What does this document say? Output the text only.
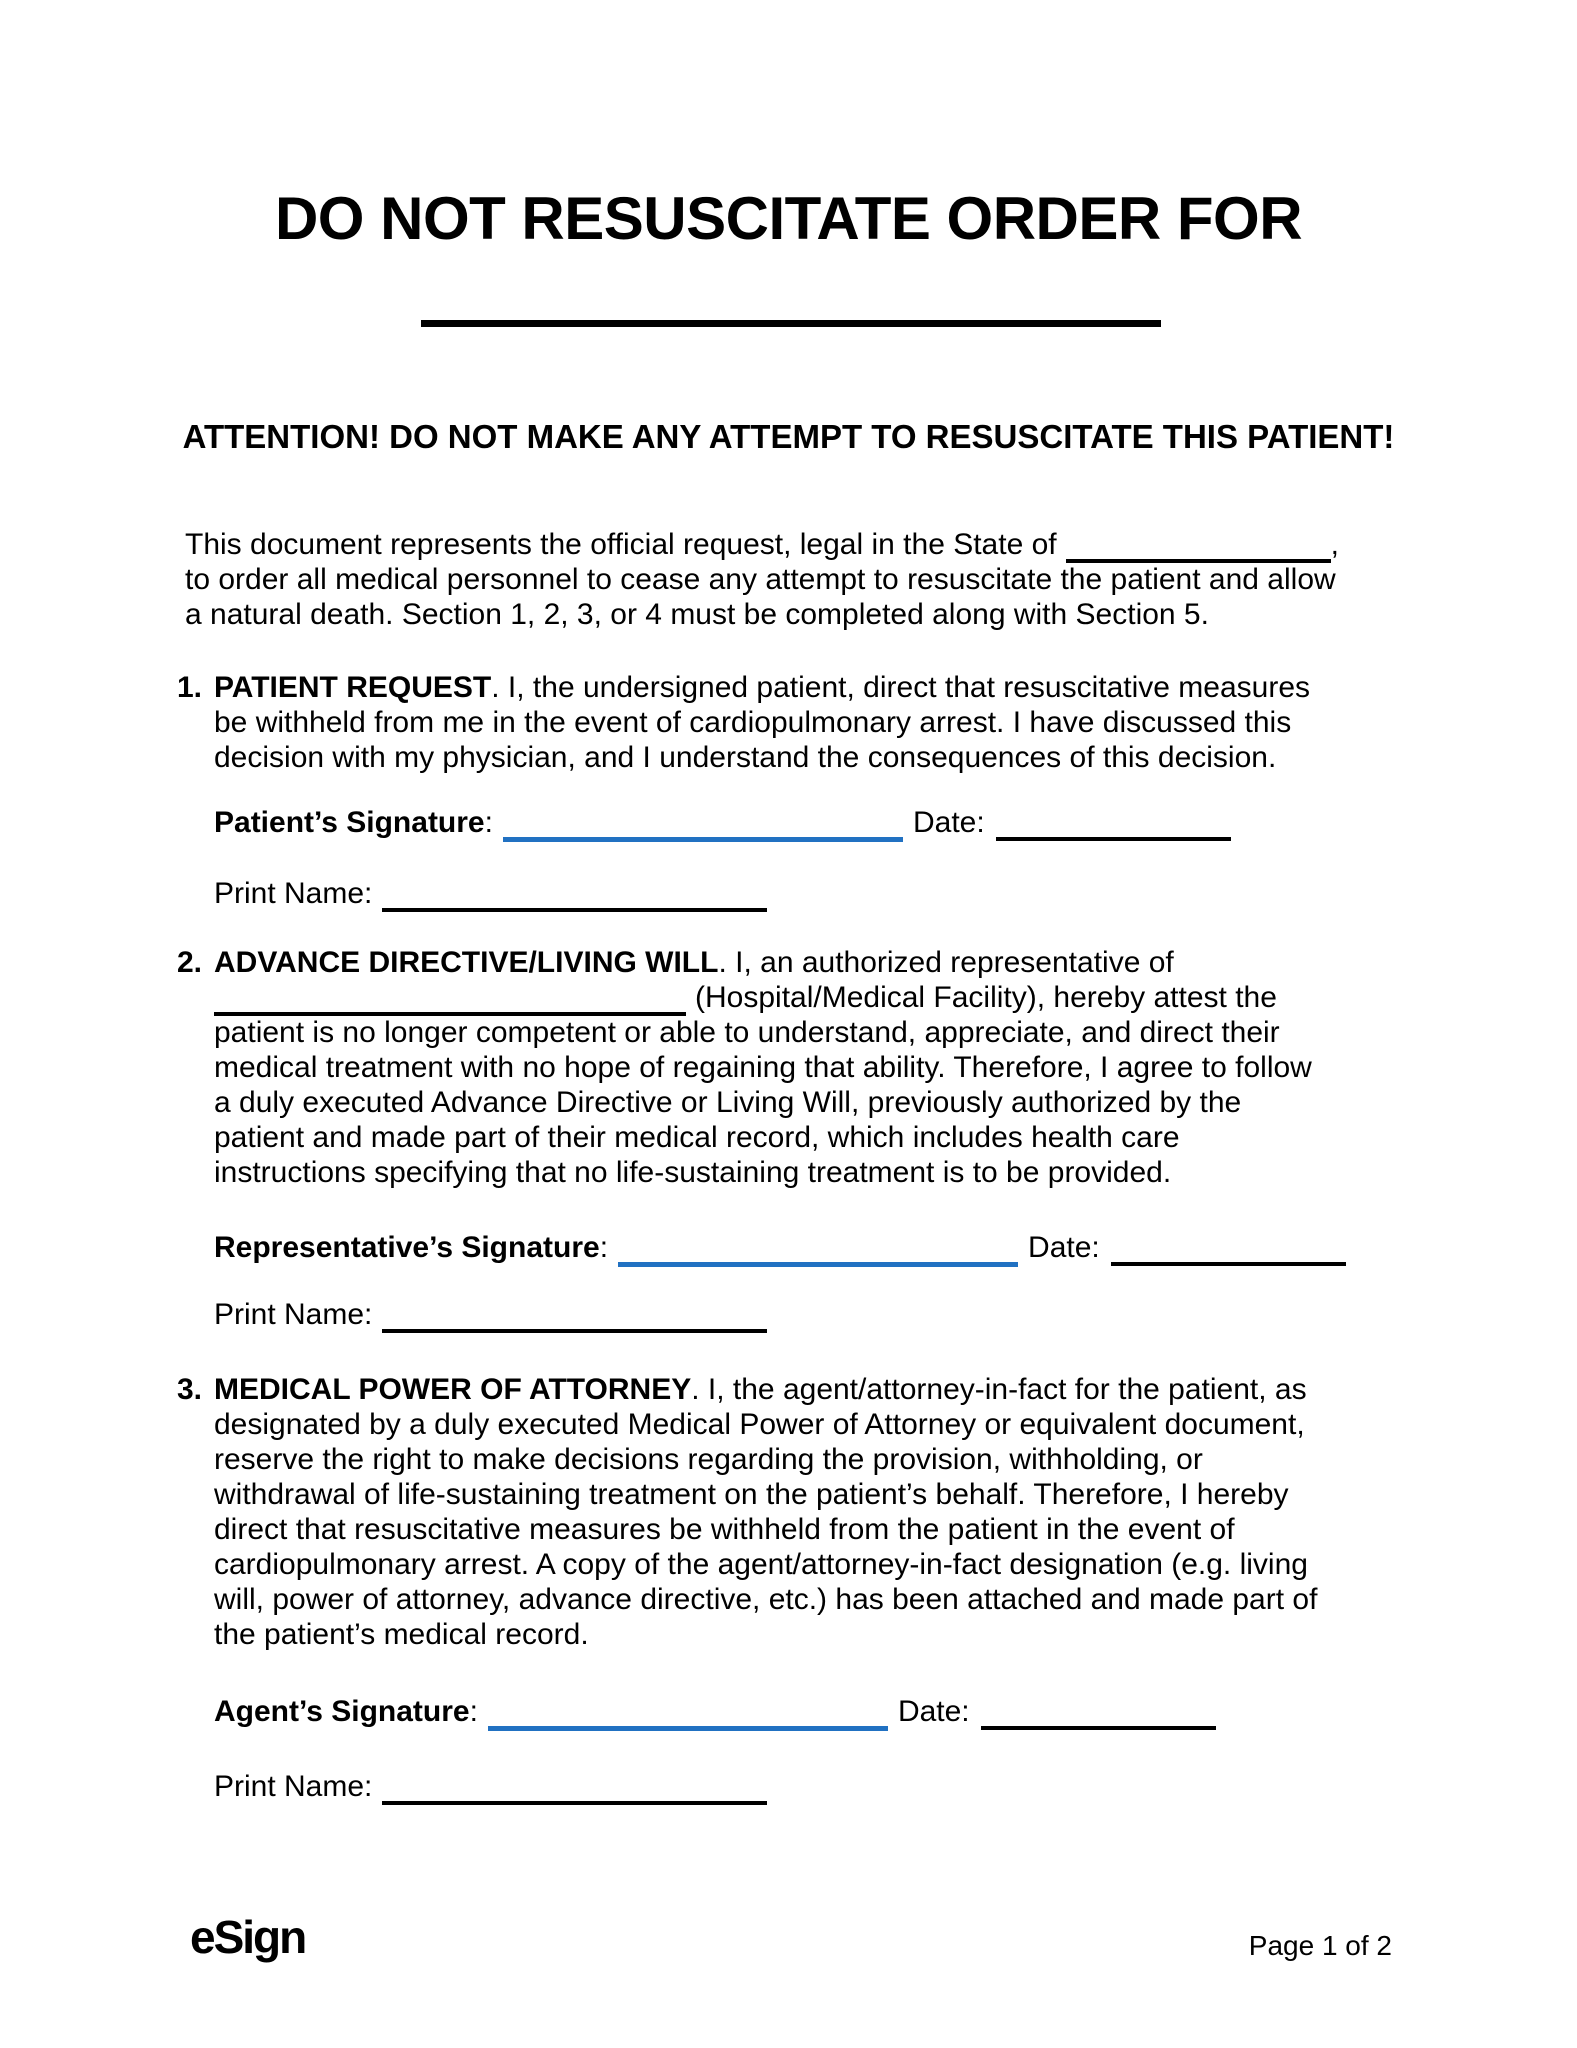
DO NOT RESUSCITATE ORDER FOR
ATTENTION! DO NOT MAKE ANY ATTEMPT TO RESUSCITATE THIS PATIENT!
This document represents the official request, legal in the State of	,
to order all medical personnel to cease any attempt to resuscitate the patient and allow
a natural death. Section 1, 2, 3, or 4 must be completed along with Section 5.
1. PATIENT REQUEST. I, the undersigned patient, direct that resuscitative measures
be withheld from me in the event of cardiopulmonary arrest. I have discussed this
decision with my physician, and I understand the consequences of this decision.
Patient’s Signature:	Date:
Print Name:
2. ADVANCE DIRECTIVE/LIVING WILL. I, an authorized representative of
(Hospital/Medical Facility), hereby attest the
patient is no longer competent or able to understand, appreciate, and direct their
medical treatment with no hope of regaining that ability. Therefore, I agree to follow
a duly executed Advance Directive or Living Will, previously authorized by the
patient and made part of their medical record, which includes health care
instructions specifying that no life-sustaining treatment is to be provided.
Representative’s Signature:	Date:
Print Name:
3. MEDICAL POWER OF ATTORNEY. I, the agent/attorney-in-fact for the patient, as
designated by a duly executed Medical Power of Attorney or equivalent document,
reserve the right to make decisions regarding the provision, withholding, or
withdrawal of life-sustaining treatment on the patient’s behalf. Therefore, I hereby
direct that resuscitative measures be withheld from the patient in the event of
cardiopulmonary arrest. A copy of the agent/attorney-in-fact designation (e.g. living
will, power of attorney, advance directive, etc.) has been attached and made part of
the patient’s medical record.
Agent’s Signature:	Date:
Print Name:
eSign	Page 1 of 2
